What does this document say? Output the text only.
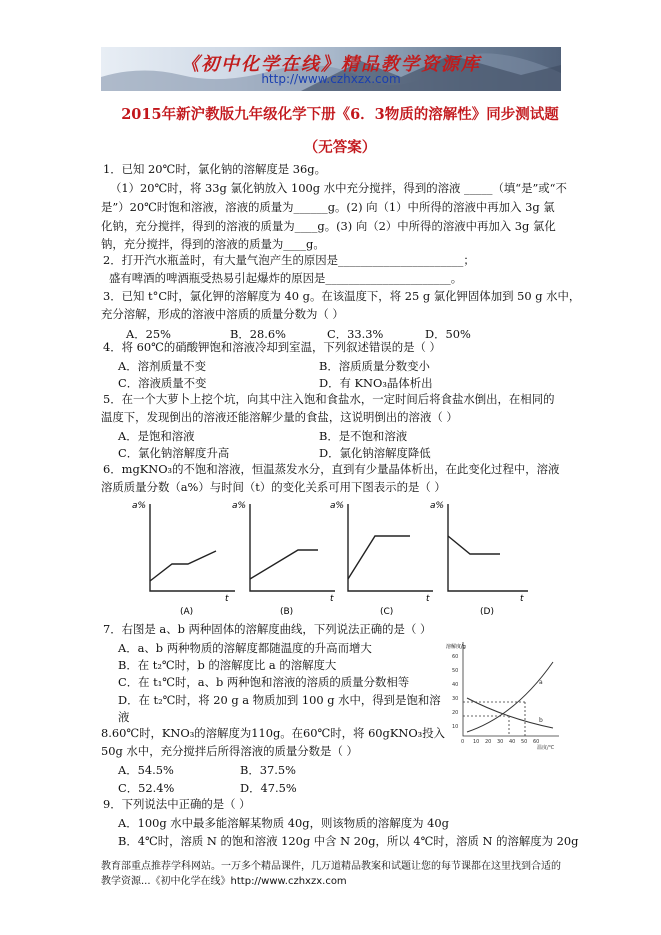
《初中化学在线》精品教学资源库
http://www.czhxzx.com
2015年新沪教版九年级化学下册《6．3物质的溶解性》同步测试题
（无答案）
1．已知 20℃时，氯化钠的溶解度是 36g。
（1）20℃时，将 33g 氯化钠放入 100g 水中充分搅拌，得到的溶液 _____（填“是”或“不
是”）20℃时饱和溶液，溶液的质量为______g。(2) 向（1）中所得的溶液中再加入 3g 氯
化钠，充分搅拌，得到的溶液的质量为____g。(3) 向（2）中所得的溶液中再加入 3g 氯化
钠，充分搅拌，得到的溶液的质量为____g。
2．打开汽水瓶盖时，有大量气泡产生的原因是______________________；
盛有啤酒的啤酒瓶受热易引起爆炸的原因是______________________。
3．已知 t°C时，氯化钾的溶解度为 40 g。在该温度下，将 25 g 氯化钾固体加到 50 g 水中，
充分溶解，形成的溶液中溶质的质量分数为（ ）
A．25%	B．28.6%	C．33.3%	D．50%
4．将 60℃的硝酸钾饱和溶液冷却到室温，下列叙述错误的是（ ）
A．溶剂质量不变	B．溶质质量分数变小
C．溶液质量不变	D．有 KNO₃晶体析出
5．在一个大萝卜上挖个坑，向其中注入饱和食盐水，一定时间后将食盐水倒出，在相同的
温度下，发现倒出的溶液还能溶解少量的食盐，这说明倒出的溶液（ ）
A．是饱和溶液	B．是不饱和溶液
C．氯化钠溶解度升高	D．氯化钠溶解度降低
6．mgKNO₃的不饱和溶液，恒温蒸发水分，直到有少量晶体析出，在此变化过程中，溶液
溶质质量分数（a%）与时间（t）的变化关系可用下图表示的是（ ）
a%	a%	a%	a%
t	t	t	t
(A)	(B)	(C)	(D)
7．右图是 a、b 两种固体的溶解度曲线，下列说法正确的是（ ）
A．a、b 两种物质的溶解度都随温度的升高而增大
B．在 t₂℃时，b 的溶解度比 a 的溶解度大
C．在 t₁℃时，a、b 两种饱和溶液的溶质的质量分数相等
D．在 t₂℃时，将 20 g a 物质加到 100 g 水中，得到是饱和溶
液
溶解度/g
60
50
40
30
20
10
0 10 20 30 40 50 60
温度/℃
a
b
8.60℃时，KNO₃的溶解度为110g。在60℃时，将 60gKNO₃投入
50g 水中，充分搅拌后所得溶液的质量分数是（ ）
A．54.5%	B．37.5%
C．52.4%	D．47.5%
9．下列说法中正确的是（ ）
A．100g 水中最多能溶解某物质 40g，则该物质的溶解度为 40g
B．4℃时，溶质 N 的饱和溶液 120g 中含 N 20g，所以 4℃时，溶质 N 的溶解度为 20g
教育部重点推荐学科网站。一万多个精品课件，几万道精品教案和试题让您的每节课都在这里找到合适的
教学资源...《初中化学在线》http://www.czhxzx.com
